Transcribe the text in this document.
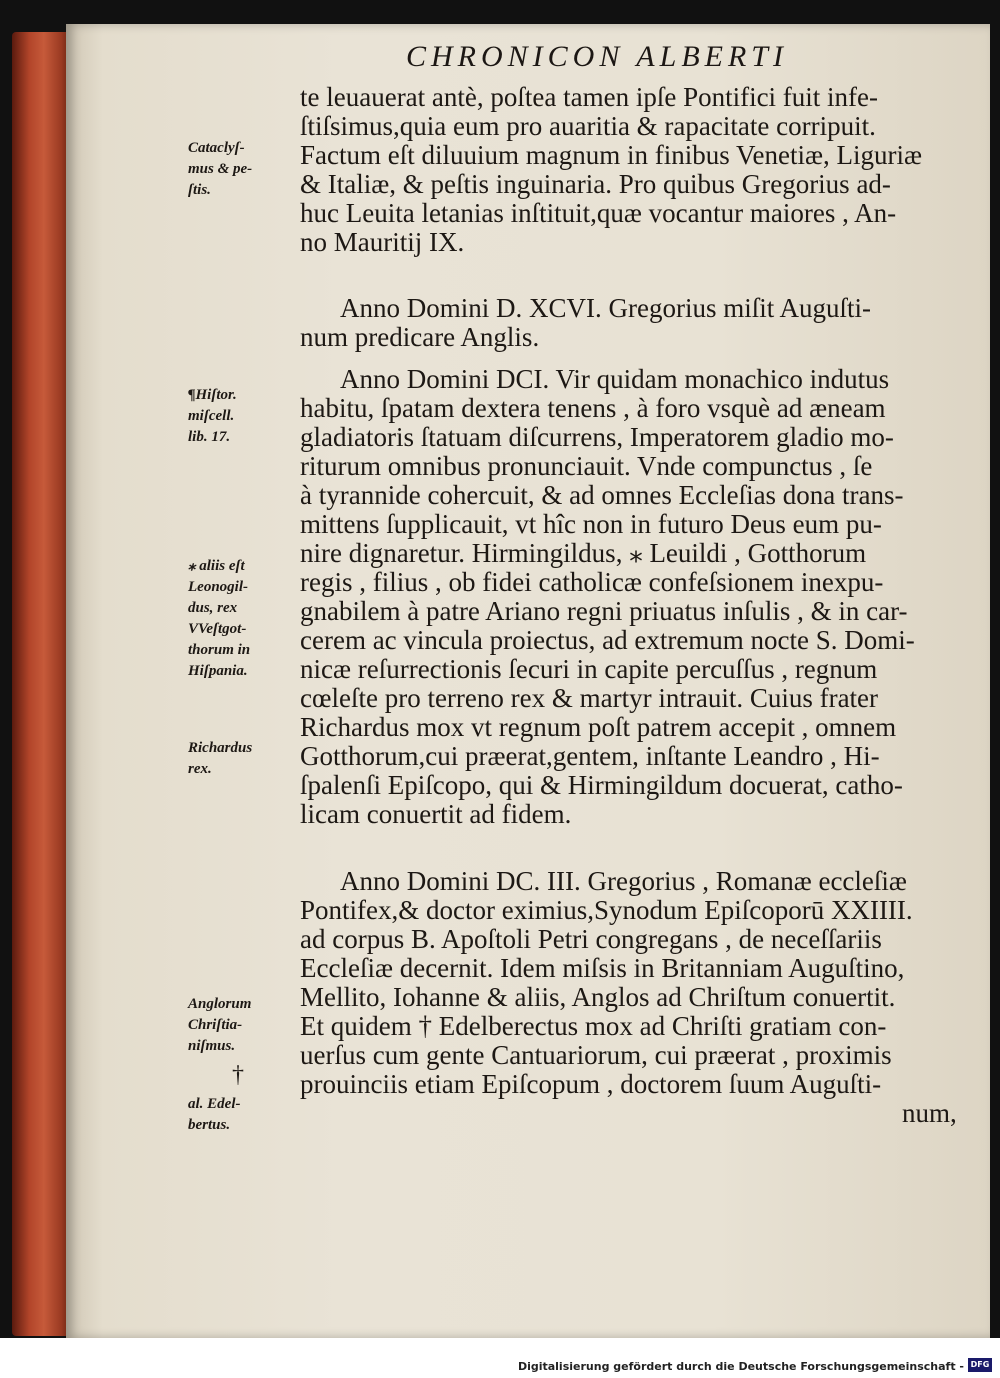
CHRONICON ALBERTI
te leuauerat antè, poſtea tamen ipſe Pontifici fuit infe-
ſtiſsimus,quia eum pro auaritia & rapacitate corripuit.
Factum eſt diluuium magnum in finibus Venetiæ, Liguriæ
& Italiæ, & peſtis inguinaria. Pro quibus Gregorius ad-
huc Leuita letanias inſtituit,quæ vocantur maiores , An-
no Mauritij IX.
Anno Domini D. XCVI. Gregorius miſit Auguſti-
num predicare Anglis.
Anno Domini DCI. Vir quidam monachico indutus
habitu, ſpatam dextera tenens , à foro vsquè ad æneam
gladiatoris ſtatuam diſcurrens, Imperatorem gladio mo-
riturum omnibus pronunciauit. Vnde compunctus , ſe
à tyrannide cohercuit, & ad omnes Eccleſias dona trans-
mittens ſupplicauit, vt hîc non in futuro Deus eum pu-
nire dignaretur. Hirmingildus, ⁎ Leuildi , Gotthorum
regis , filius , ob fidei catholicæ confeſsionem inexpu-
gnabilem à patre Ariano regni priuatus inſulis , & in car-
cerem ac vincula proiectus, ad extremum nocte S. Domi-
nicæ reſurrectionis ſecuri in capite percuſſus , regnum
cœleſte pro terreno rex & martyr intrauit. Cuius frater
Richardus mox vt regnum poſt patrem accepit , omnem
Gotthorum,cui præerat,gentem, inſtante Leandro , Hi-
ſpalenſi Epiſcopo, qui & Hirmingildum docuerat, catho-
licam conuertit ad fidem.
Anno Domini DC. III. Gregorius , Romanæ eccleſiæ
Pontifex,& doctor eximius,Synodum Epiſcoporū XXIIII.
ad corpus B. Apoſtoli Petri congregans , de neceſſariis
Eccleſiæ decernit. Idem miſsis in Britanniam Auguſtino,
Mellito, Iohanne & aliis, Anglos ad Chriſtum conuertit.
Et quidem † Edelberectus mox ad Chriſti gratiam con-
uerſus cum gente Cantuariorum, cui præerat , proximis
prouinciis etiam Epiſcopum , doctorem ſuum Auguſti-
num,
Cataclyſ-
mus & pe-
ſtis.
¶Hiſtor.
miſcell.
lib. 17.
⁎ aliis eſt
Leonogil-
dus, rex
VVeſtgot-
thorum in
Hiſpania.
Richardus
rex.
Anglorum
Chriſtia-
niſmus.
al. Edel-
bertus.
†
Digitalisierung gefördert durch die Deutsche Forschungsgemeinschaft - DFG
